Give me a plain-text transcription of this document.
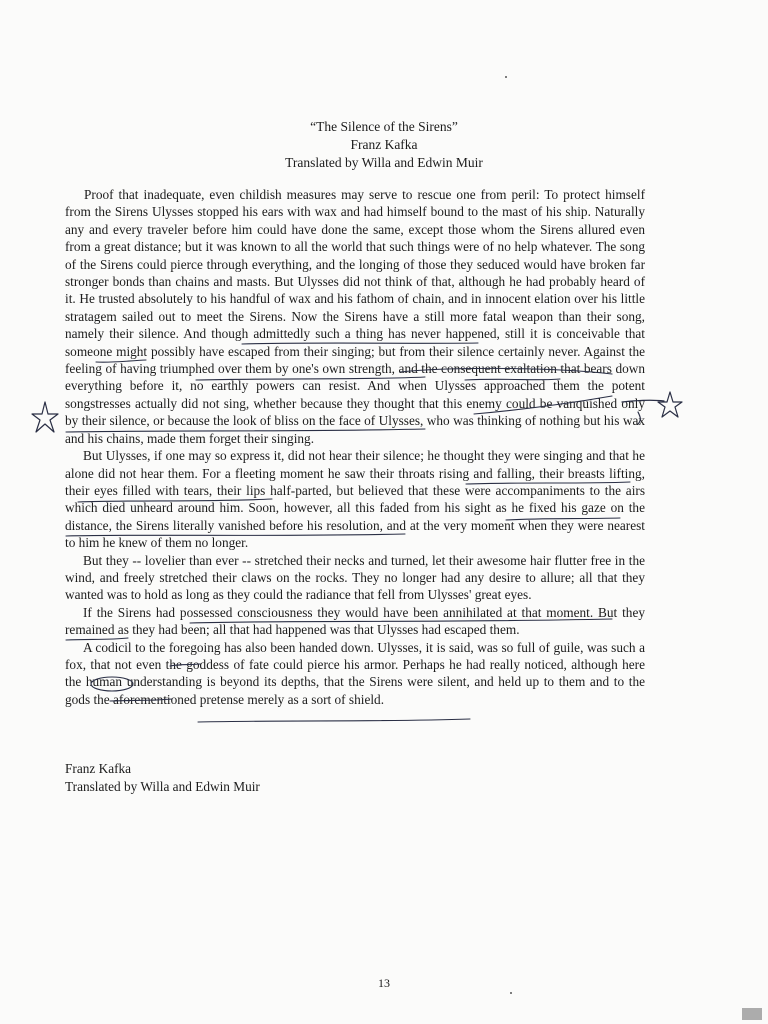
“The Silence of the Sirens”
Franz Kafka
Translated by Willa and Edwin Muir

Proof that inadequate, even childish measures may serve to rescue one from peril: To protect himself from the Sirens Ulysses stopped his ears with wax and had himself bound to the mast of his ship. Naturally any and every traveler before him could have done the same, except those whom the Sirens allured even from a great distance; but it was known to all the world that such things were of no help whatever. The song of the Sirens could pierce through everything, and the longing of those they seduced would have broken far stronger bonds than chains and masts. But Ulysses did not think of that, although he had probably heard of it. He trusted absolutely to his handful of wax and his fathom of chain, and in innocent elation over his little stratagem sailed out to meet the Sirens. Now the Sirens have a still more fatal weapon than their song, namely their silence. And though admittedly such a thing has never happened, still it is conceivable that someone might possibly have escaped from their singing; but from their silence certainly never. Against the feeling of having triumphed over them by one's own strength, and the consequent exaltation that bears down everything before it, no earthly powers can resist. And when Ulysses approached them the potent songstresses actually did not sing, whether because they thought that this enemy could be vanquished only by their silence, or because the look of bliss on the face of Ulysses, who was thinking of nothing but his wax and his chains, made them forget their singing.

But Ulysses, if one may so express it, did not hear their silence; he thought they were singing and that he alone did not hear them. For a fleeting moment he saw their throats rising and falling, their breasts lifting, their eyes filled with tears, their lips half-parted, but believed that these were accompaniments to the airs which died unheard around him. Soon, however, all this faded from his sight as he fixed his gaze on the distance, the Sirens literally vanished before his resolution, and at the very moment when they were nearest to him he knew of them no longer.

But they -- lovelier than ever -- stretched their necks and turned, let their awesome hair flutter free in the wind, and freely stretched their claws on the rocks. They no longer had any desire to allure; all that they wanted was to hold as long as they could the radiance that fell from Ulysses' great eyes.

If the Sirens had possessed consciousness they would have been annihilated at that moment. But they remained as they had been; all that had happened was that Ulysses had escaped them.

A codicil to the foregoing has also been handed down. Ulysses, it is said, was so full of guile, was such a fox, that not even the goddess of fate could pierce his armor. Perhaps he had really noticed, although here the human understanding is beyond its depths, that the Sirens were silent, and held up to them and to the gods the aforementioned pretense merely as a sort of shield.

Franz Kafka
Translated by Willa and Edwin Muir
13
